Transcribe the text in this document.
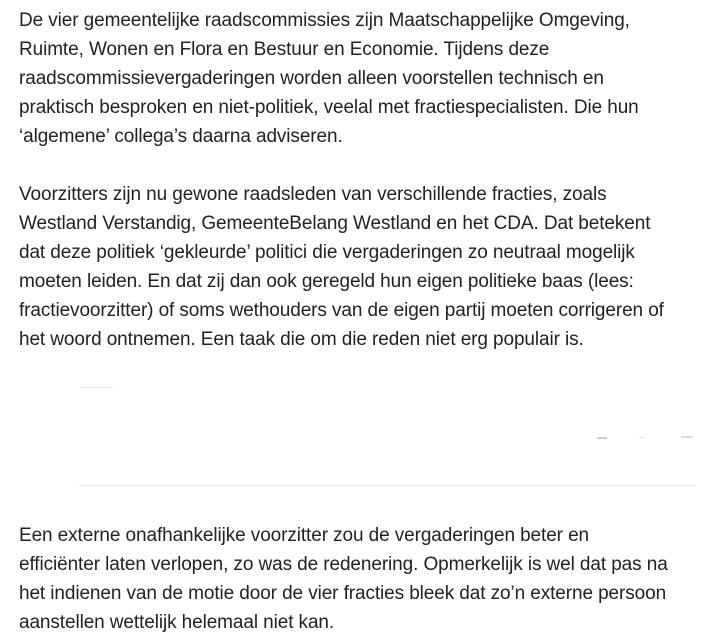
De vier gemeentelijke raadscommissies zijn Maatschappelijke Omgeving,
Ruimte, Wonen en Flora en Bestuur en Economie. Tijdens deze
raadscommissievergaderingen worden alleen voorstellen technisch en
praktisch besproken en niet-politiek, veelal met fractiespecialisten. Die hun
‘algemene’ collega’s daarna adviseren.

Voorzitters zijn nu gewone raadsleden van verschillende fracties, zoals
Westland Verstandig, GemeenteBelang Westland en het CDA. Dat betekent
dat deze politiek ‘gekleurde’ politici die vergaderingen zo neutraal mogelijk
moeten leiden. En dat zij dan ook geregeld hun eigen politieke baas (lees:
fractievoorzitter) of soms wethouders van de eigen partij moeten corrigeren of
het woord ontnemen. Een taak die om die reden niet erg populair is.

Een externe onafhankelijke voorzitter zou de vergaderingen beter en
efficiënter laten verlopen, zo was de redenering. Opmerkelijk is wel dat pas na
het indienen van de motie door de vier fracties bleek dat zo’n externe persoon
aanstellen wettelijk helemaal niet kan.
